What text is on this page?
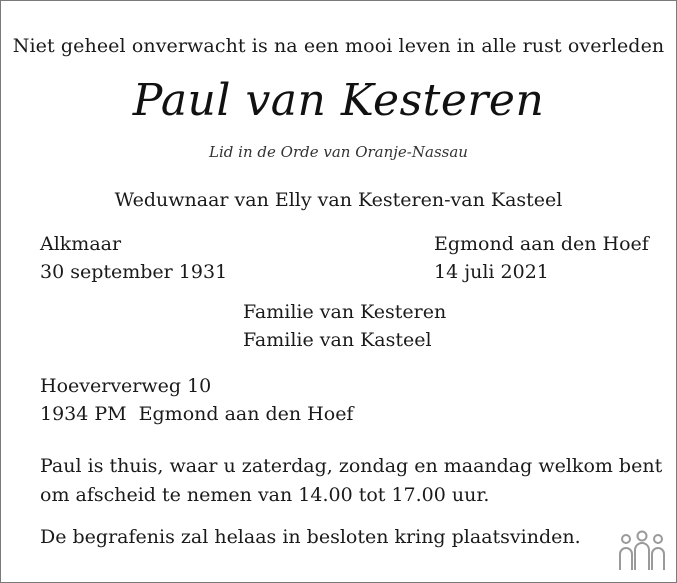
Niet geheel onverwacht is na een mooi leven in alle rust overleden
Paul van Kesteren
Lid in de Orde van Oranje-Nassau
Weduwnaar van Elly van Kesteren-van Kasteel
Alkmaar
30 september 1931
Egmond aan den Hoef
14 juli 2021
Familie van Kesteren
Familie van Kasteel
Hoeververweg 10
1934 PM Egmond aan den Hoef
Paul is thuis, waar u zaterdag, zondag en maandag welkom bent
om afscheid te nemen van 14.00 tot 17.00 uur.
De begrafenis zal helaas in besloten kring plaatsvinden.
